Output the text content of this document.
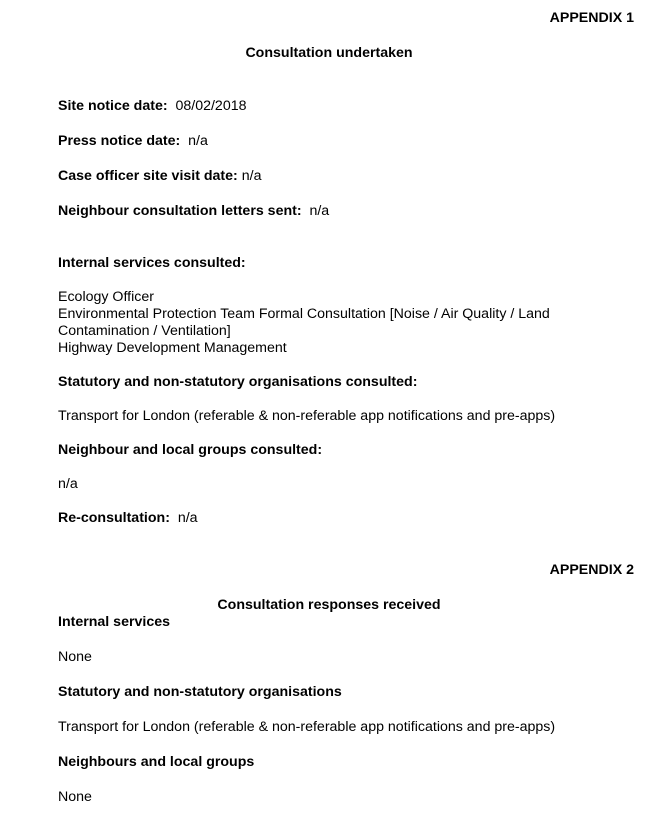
APPENDIX 1
Consultation undertaken
Site notice date: 08/02/2018
Press notice date: n/a
Case officer site visit date: n/a
Neighbour consultation letters sent: n/a
Internal services consulted:
Ecology Officer
Environmental Protection Team Formal Consultation [Noise / Air Quality / Land Contamination / Ventilation]
Highway Development Management
Statutory and non-statutory organisations consulted:
Transport for London (referable & non-referable app notifications and pre-apps)
Neighbour and local groups consulted:
n/a
Re-consultation: n/a
APPENDIX 2
Consultation responses received
Internal services
None
Statutory and non-statutory organisations
Transport for London (referable & non-referable app notifications and pre-apps)
Neighbours and local groups
None
